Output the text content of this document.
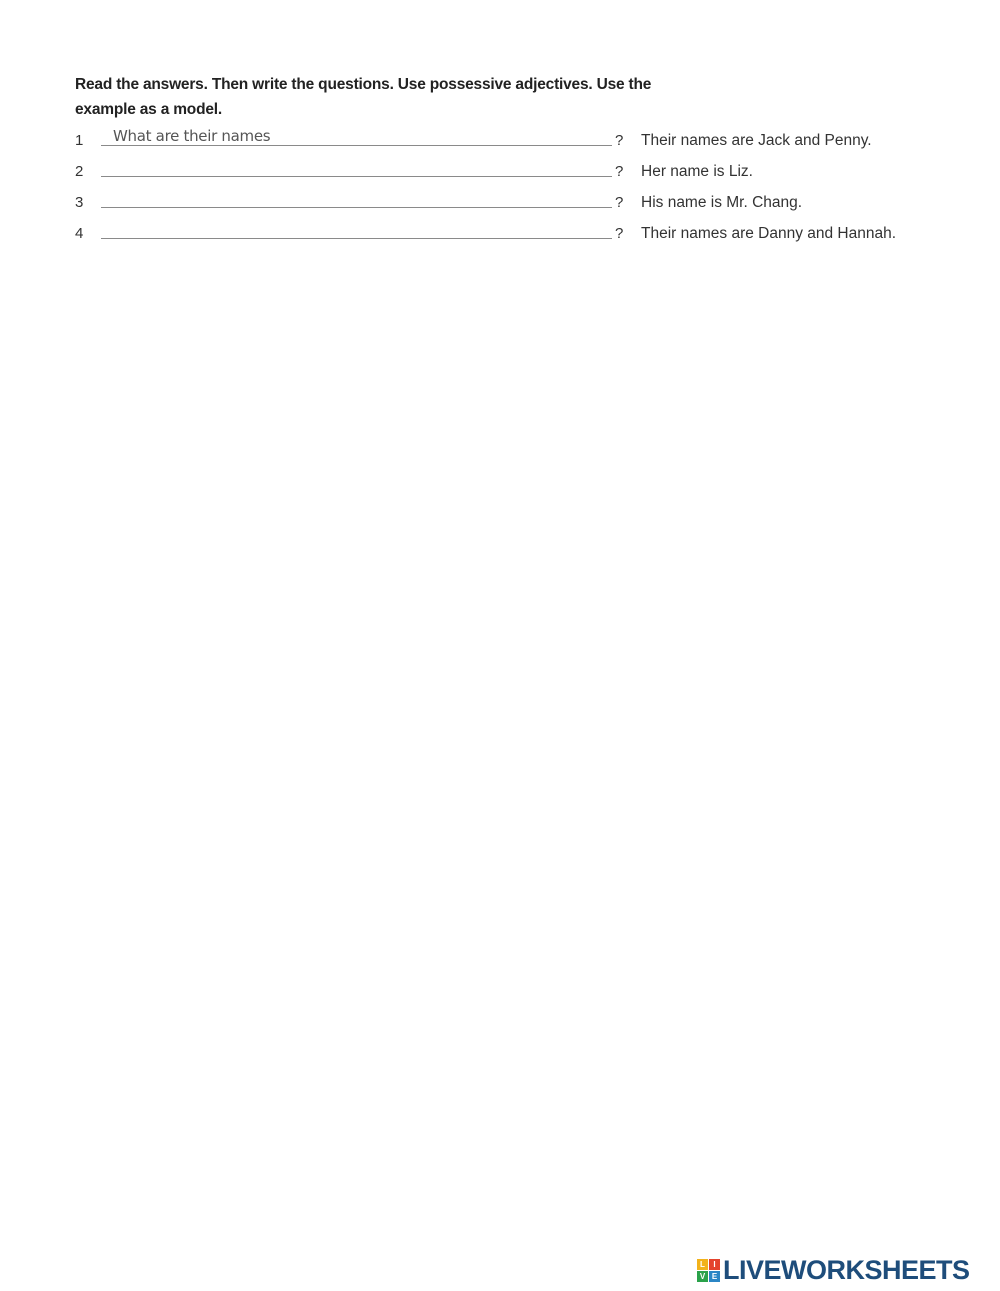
Read the answers. Then write the questions. Use possessive adjectives. Use the example as a model.
1
What are their names	? Their names are Jack and Penny.
2	? Her name is Liz.
3	? His name is Mr. Chang.
4	? Their names are Danny and Hannah.
L	I
V E LIVEWORKSHEETS
